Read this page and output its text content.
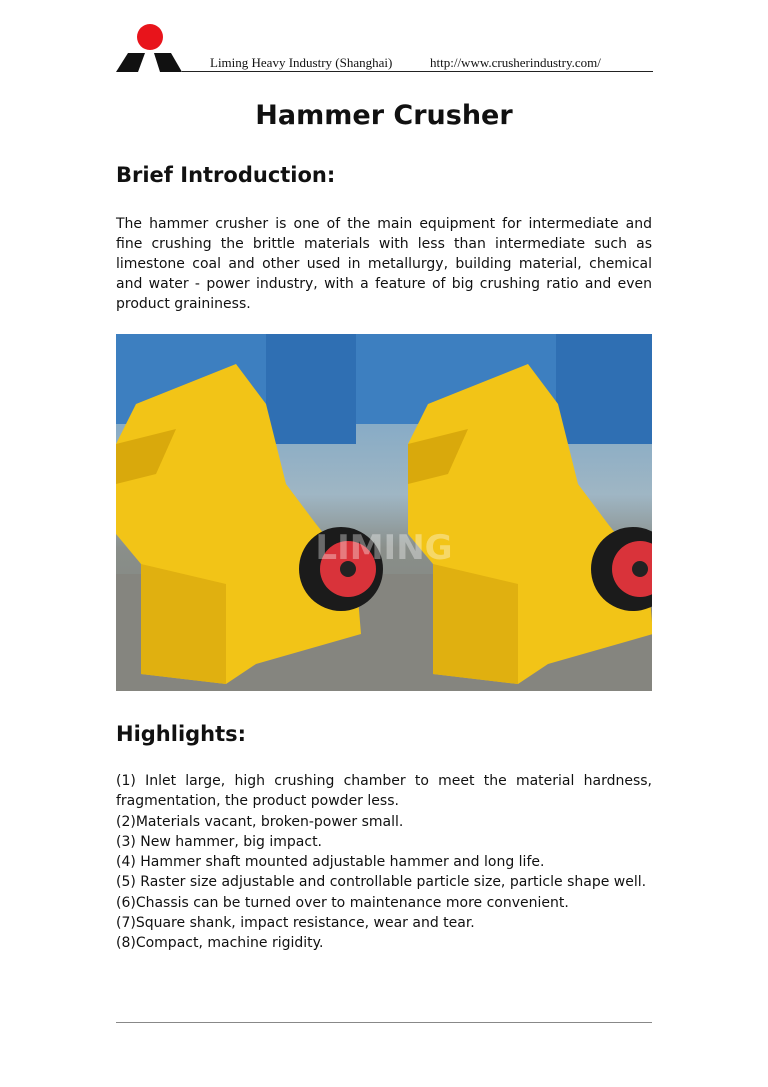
Liming Heavy Industry (Shanghai)	http://www.crusherindustry.com/
Hammer Crusher
Brief Introduction:
The hammer crusher is one of the main equipment for intermediate and fine crushing the brittle materials with less than intermediate such as limestone coal and other used in metallurgy, building material, chemical and water - power industry, with a feature of big crushing ratio and even product graininess.
LIMING
Highlights:
(1) Inlet large, high crushing chamber to meet the material hardness, fragmentation, the product powder less.
(2)Materials vacant, broken-power small.
(3) New hammer, big impact.
(4) Hammer shaft mounted adjustable hammer and long life.
(5) Raster size adjustable and controllable particle size, particle shape well.
(6)Chassis can be turned over to maintenance more convenient.
(7)Square shank, impact resistance, wear and tear.
(8)Compact, machine rigidity.
